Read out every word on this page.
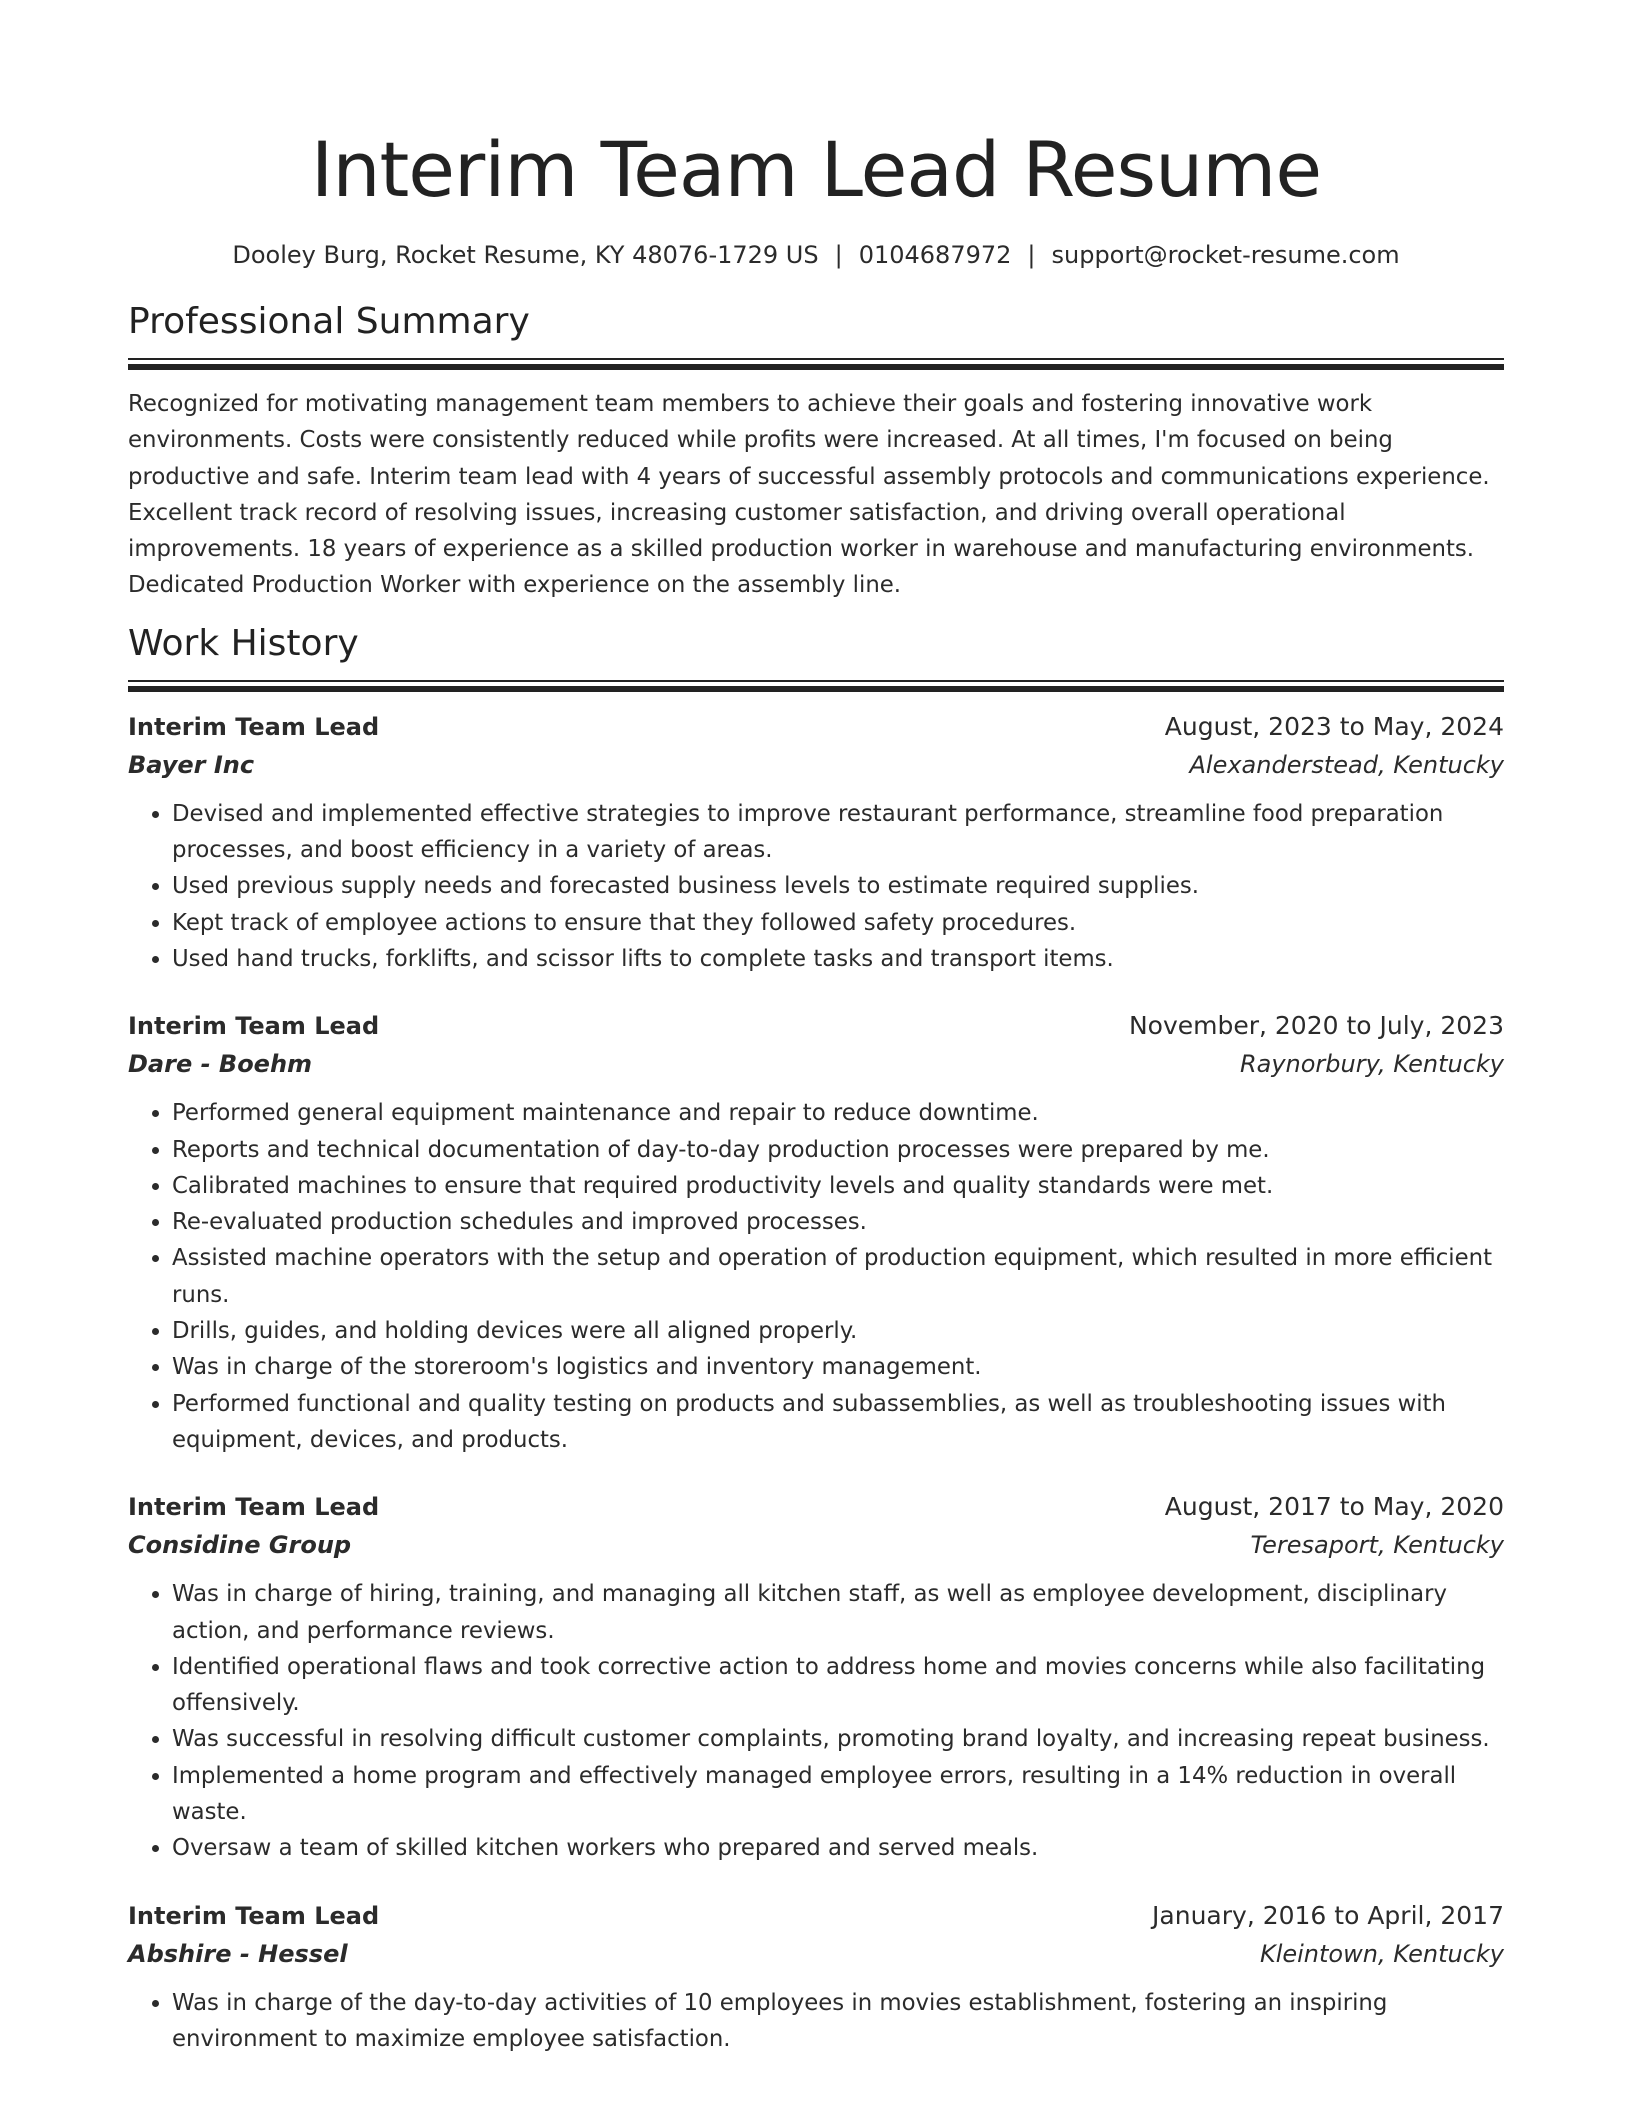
Interim Team Lead Resume
Dooley Burg, Rocket Resume, KY 48076-1729 US | 0104687972 | support@rocket-resume.com
Professional Summary

Recognized for motivating management team members to achieve their goals and fostering innovative work environments. Costs were consistently reduced while profits were increased. At all times, I'm focused on being productive and safe. Interim team lead with 4 years of successful assembly protocols and communications experience. Excellent track record of resolving issues, increasing customer satisfaction, and driving overall operational improvements. 18 years of experience as a skilled production worker in warehouse and manufacturing environments. Dedicated Production Worker with experience on the assembly line.

Work History
Interim Team Lead	August, 2023 to May, 2024
Bayer Inc	Alexanderstead, Kentucky
• Devised and implemented effective strategies to improve restaurant performance, streamline food preparation processes, and boost efficiency in a variety of areas.
• Used previous supply needs and forecasted business levels to estimate required supplies.
• Kept track of employee actions to ensure that they followed safety procedures.
• Used hand trucks, forklifts, and scissor lifts to complete tasks and transport items.
Interim Team Lead	November, 2020 to July, 2023
Dare - Boehm	Raynorbury, Kentucky
• Performed general equipment maintenance and repair to reduce downtime.
• Reports and technical documentation of day-to-day production processes were prepared by me.
• Calibrated machines to ensure that required productivity levels and quality standards were met.
• Re-evaluated production schedules and improved processes.
• Assisted machine operators with the setup and operation of production equipment, which resulted in more efficient runs.
• Drills, guides, and holding devices were all aligned properly.
• Was in charge of the storeroom's logistics and inventory management.
• Performed functional and quality testing on products and subassemblies, as well as troubleshooting issues with equipment, devices, and products.
Interim Team Lead	August, 2017 to May, 2020
Considine Group	Teresaport, Kentucky
• Was in charge of hiring, training, and managing all kitchen staff, as well as employee development, disciplinary action, and performance reviews.
• Identified operational flaws and took corrective action to address home and movies concerns while also facilitating offensively.
• Was successful in resolving difficult customer complaints, promoting brand loyalty, and increasing repeat business.
• Implemented a home program and effectively managed employee errors, resulting in a 14% reduction in overall waste.
• Oversaw a team of skilled kitchen workers who prepared and served meals.
Interim Team Lead	January, 2016 to April, 2017
Abshire - Hessel	Kleintown, Kentucky
• Was in charge of the day-to-day activities of 10 employees in movies establishment, fostering an inspiring environment to maximize employee satisfaction.
